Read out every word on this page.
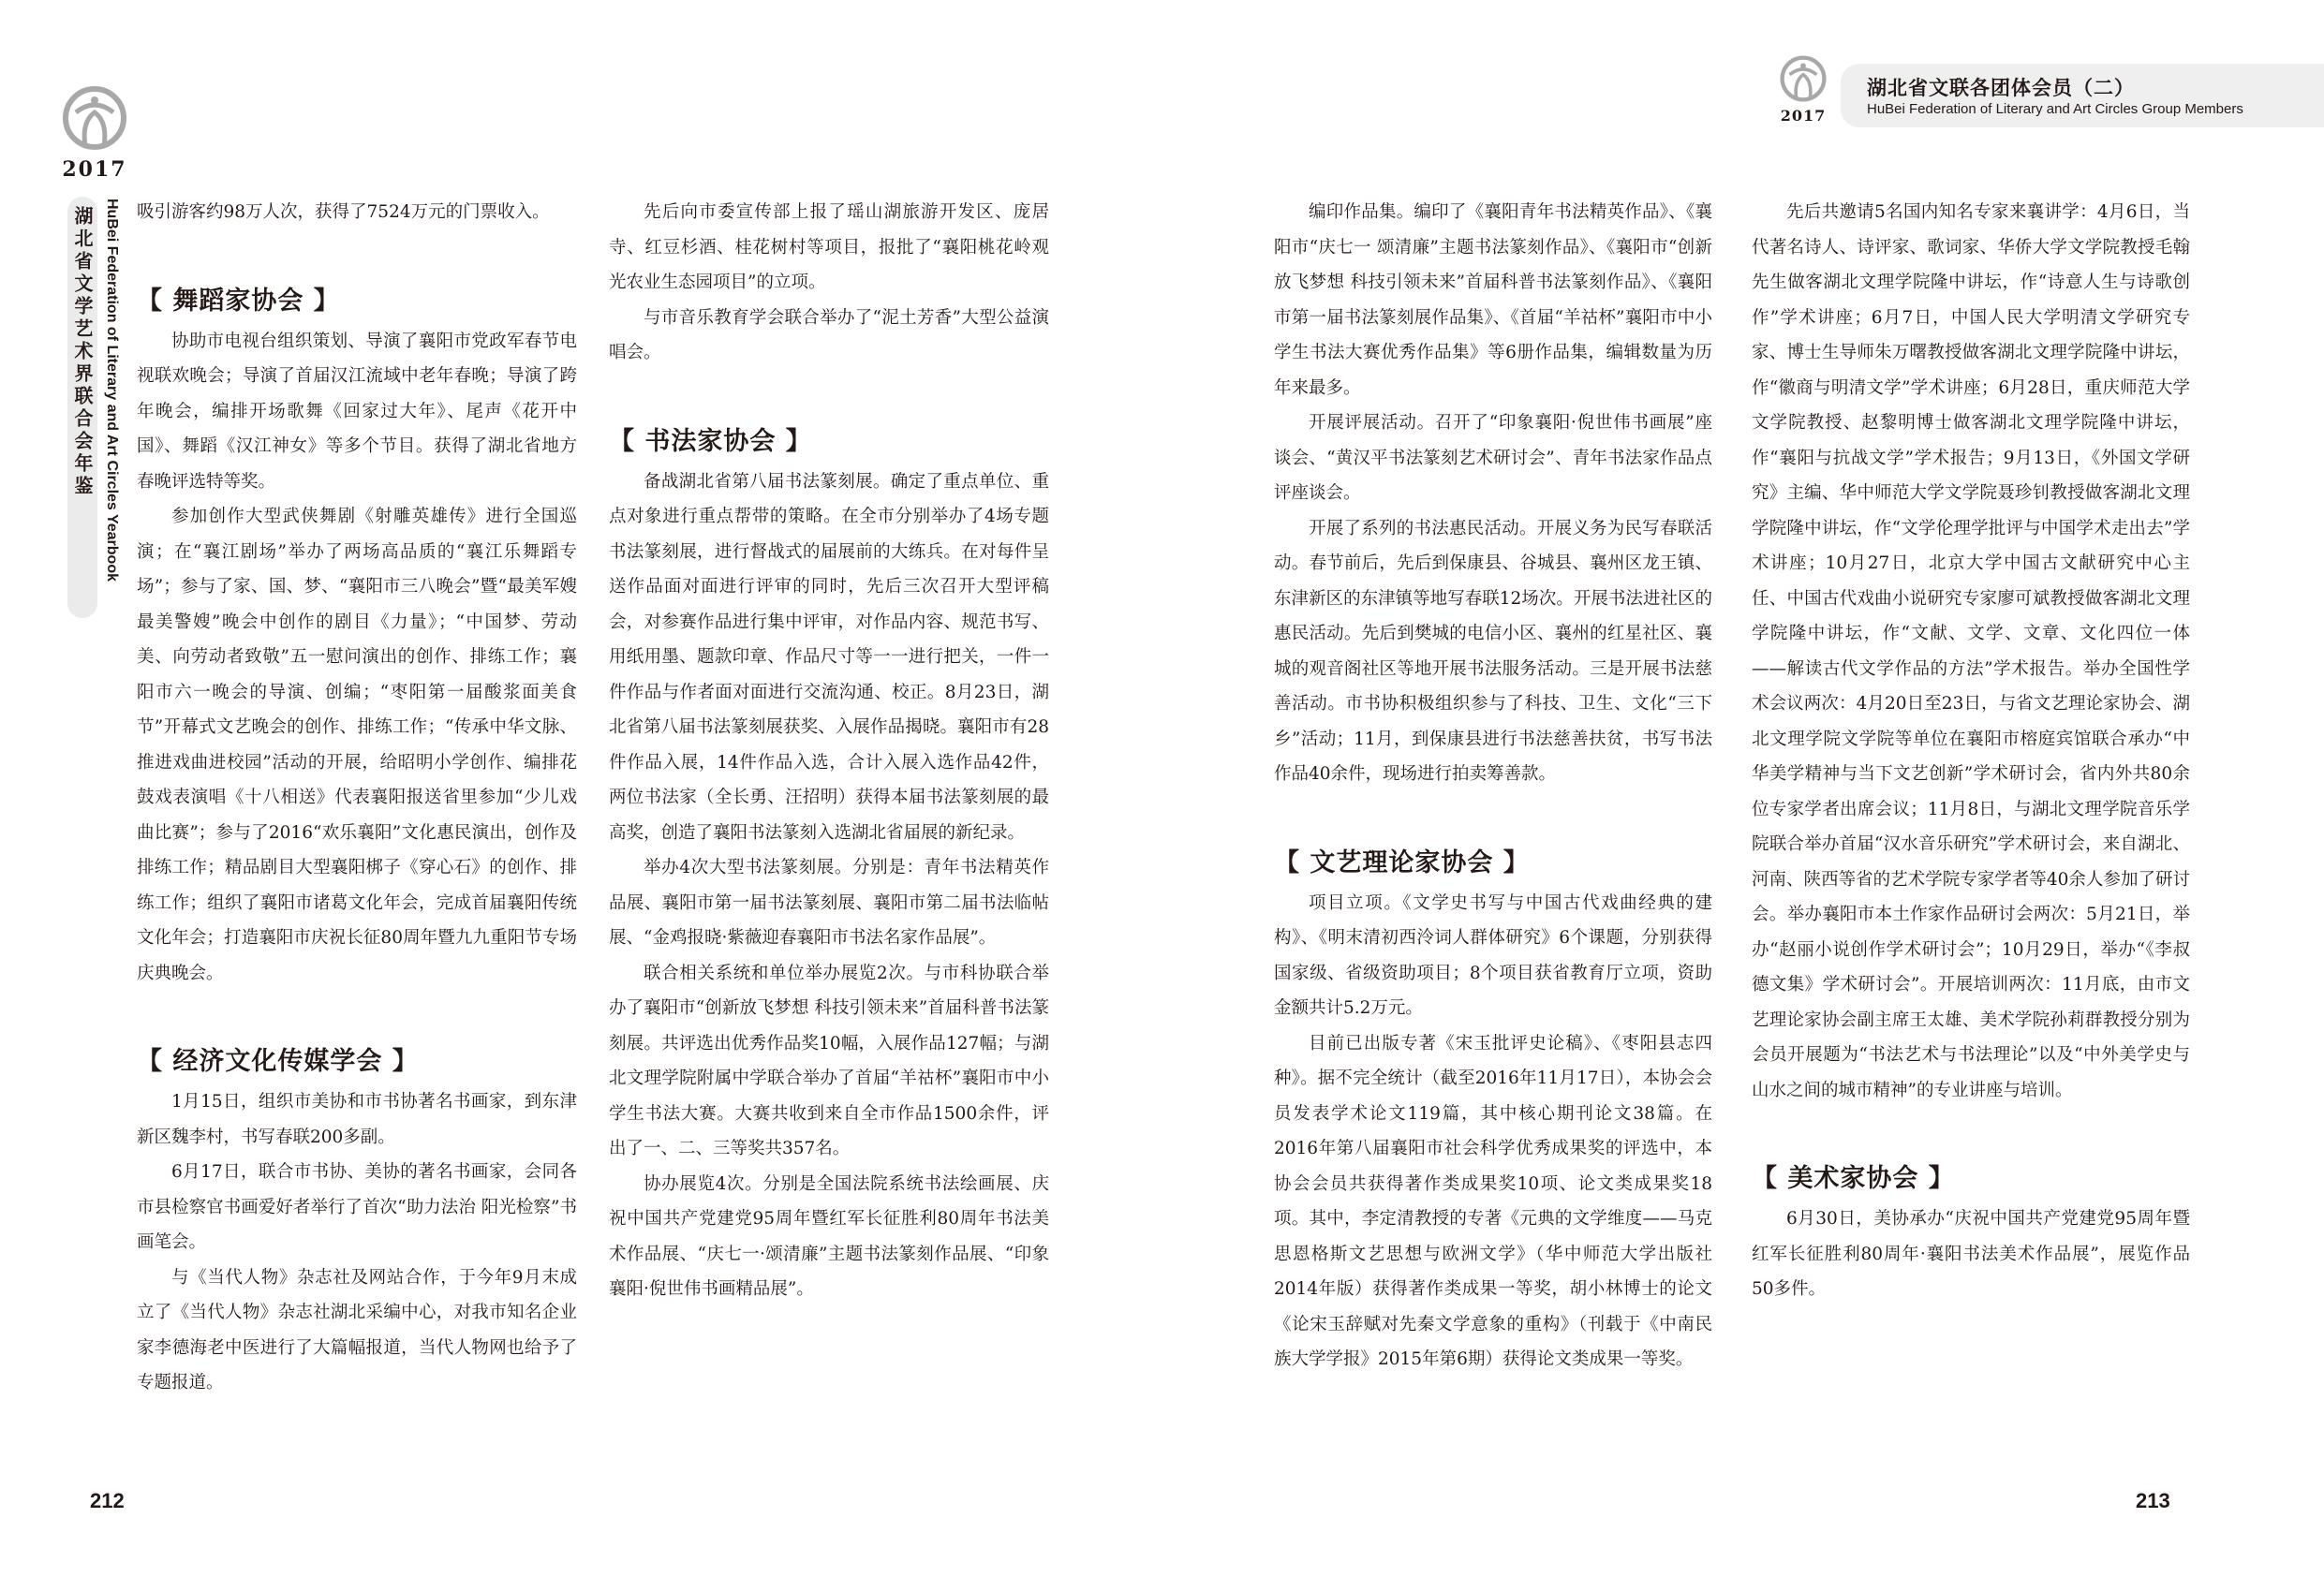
2017
湖北省文学艺术界联合会年鉴 HuBei Federation of Literary and Art Circles Yearbook 吸引游客约98万人次，获得了7524万元的门票收入。

【 舞蹈家协会 】

协助市电视台组织策划、导演了襄阳市党政军春节电视联欢晚会；导演了首届汉江流域中老年春晚；导演了跨年晚会，编排开场歌舞《回家过大年》、尾声《花开中国》、舞蹈《汉江神女》等多个节目。获得了湖北省地方春晚评选特等奖。

参加创作大型武侠舞剧《射雕英雄传》进行全国巡演；在“襄江剧场”举办了两场高品质的“襄江乐舞蹈专场”；参与了家、国、梦、“襄阳市三八晚会”暨“最美军嫂最美警嫂”晚会中创作的剧目《力量》；“中国梦、劳动美、向劳动者致敬”五一慰问演出的创作、排练工作；襄阳市六一晚会的导演、创编；“枣阳第一届酸浆面美食节”开幕式文艺晚会的创作、排练工作；“传承中华文脉、推进戏曲进校园”活动的开展，给昭明小学创作、编排花鼓戏表演唱《十八相送》代表襄阳报送省里参加“少儿戏曲比赛”；参与了2016“欢乐襄阳”文化惠民演出，创作及排练工作；精品剧目大型襄阳梆子《穿心石》的创作、排练工作；组织了襄阳市诸葛文化年会，完成首届襄阳传统文化年会；打造襄阳市庆祝长征80周年暨九九重阳节专场庆典晚会。

【 经济文化传媒学会 】

1月15日，组织市美协和市书协著名书画家，到东津新区魏李村，书写春联200多副。

6月17日，联合市书协、美协的著名书画家，会同各市县检察官书画爱好者举行了首次“助力法治 阳光检察”书画笔会。

与《当代人物》杂志社及网站合作，于今年9月末成立了《当代人物》杂志社湖北采编中心，对我市知名企业家李德海老中医进行了大篇幅报道，当代人物网也给予了专题报道。

先后向市委宣传部上报了瑶山湖旅游开发区、庞居寺、红豆杉酒、桂花树村等项目，报批了“襄阳桃花岭观光农业生态园项目”的立项。

与市音乐教育学会联合举办了“泥土芳香”大型公益演唱会。

【 书法家协会 】

备战湖北省第八届书法篆刻展。确定了重点单位、重点对象进行重点帮带的策略。在全市分别举办了4场专题书法篆刻展，进行督战式的届展前的大练兵。在对每件呈送作品面对面进行评审的同时，先后三次召开大型评稿会，对参赛作品进行集中评审，对作品内容、规范书写、用纸用墨、题款印章、作品尺寸等一一进行把关，一件一件作品与作者面对面进行交流沟通、校正。8月23日，湖北省第八届书法篆刻展获奖、入展作品揭晓。襄阳市有28件作品入展，14件作品入选，合计入展入选作品42件，两位书法家（全长勇、汪招明）获得本届书法篆刻展的最高奖，创造了襄阳书法篆刻入选湖北省届展的新纪录。

举办4次大型书法篆刻展。分别是：青年书法精英作品展、襄阳市第一届书法篆刻展、襄阳市第二届书法临帖展、“金鸡报晓·紫薇迎春襄阳市书法名家作品展”。

联合相关系统和单位举办展览2次。与市科协联合举办了襄阳市“创新放飞梦想 科技引领未来”首届科普书法篆刻展。共评选出优秀作品奖10幅，入展作品127幅；与湖北文理学院附属中学联合举办了首届“羊祜杯”襄阳市中小学生书法大赛。大赛共收到来自全市作品1500余件，评出了一、二、三等奖共357名。

协办展览4次。分别是全国法院系统书法绘画展、庆祝中国共产党建党95周年暨红军长征胜利80周年书法美术作品展、“庆七一·颂清廉”主题书法篆刻作品展、“印象襄阳·倪世伟书画精品展”。

212
2017
湖北省文联各团体会员（二）
HuBei Federation of Literary and Art Circles Group Members

编印作品集。编印了《襄阳青年书法精英作品》、《襄阳市“庆七一 颂清廉”主题书法篆刻作品》、《襄阳市“创新放飞梦想 科技引领未来”首届科普书法篆刻作品》、《襄阳市第一届书法篆刻展作品集》、《首届“羊祜杯”襄阳市中小学生书法大赛优秀作品集》等6册作品集，编辑数量为历年来最多。

开展评展活动。召开了“印象襄阳·倪世伟书画展”座谈会、“黄汉平书法篆刻艺术研讨会”、青年书法家作品点评座谈会。

开展了系列的书法惠民活动。开展义务为民写春联活动。春节前后，先后到保康县、谷城县、襄州区龙王镇、东津新区的东津镇等地写春联12场次。开展书法进社区的惠民活动。先后到樊城的电信小区、襄州的红星社区、襄城的观音阁社区等地开展书法服务活动。三是开展书法慈善活动。市书协积极组织参与了科技、卫生、文化“三下乡”活动；11月，到保康县进行书法慈善扶贫，书写书法作品40余件，现场进行拍卖筹善款。

【 文艺理论家协会 】

项目立项。《文学史书写与中国古代戏曲经典的建构》、《明末清初西泠词人群体研究》6个课题，分别获得国家级、省级资助项目；8个项目获省教育厅立项，资助金额共计5.2万元。

目前已出版专著《宋玉批评史论稿》、《枣阳县志四种》。据不完全统计（截至2016年11月17日），本协会会员发表学术论文119篇，其中核心期刊论文38篇。在2016年第八届襄阳市社会科学优秀成果奖的评选中，本协会会员共获得著作类成果奖10项、论文类成果奖18项。其中，李定清教授的专著《元典的文学维度——马克思恩格斯文艺思想与欧洲文学》（华中师范大学出版社2014年版）获得著作类成果一等奖，胡小林博士的论文《论宋玉辞赋对先秦文学意象的重构》（刊载于《中南民族大学学报》2015年第6期）获得论文类成果一等奖。

先后共邀请5名国内知名专家来襄讲学：4月6日，当代著名诗人、诗评家、歌词家、华侨大学文学院教授毛翰先生做客湖北文理学院隆中讲坛，作“诗意人生与诗歌创作”学术讲座；6月7日，中国人民大学明清文学研究专家、博士生导师朱万曙教授做客湖北文理学院隆中讲坛，作“徽商与明清文学”学术讲座；6月28日，重庆师范大学文学院教授、赵黎明博士做客湖北文理学院隆中讲坛，作“襄阳与抗战文学”学术报告；9月13日，《外国文学研究》主编、华中师范大学文学院聂珍钊教授做客湖北文理学院隆中讲坛，作“文学伦理学批评与中国学术走出去”学术讲座；10月27日，北京大学中国古文献研究中心主任、中国古代戏曲小说研究专家廖可斌教授做客湖北文理学院隆中讲坛，作“文献、文学、文章、文化四位一体——解读古代文学作品的方法”学术报告。举办全国性学术会议两次：4月20日至23日，与省文艺理论家协会、湖北文理学院文学院等单位在襄阳市榕庭宾馆联合承办“中华美学精神与当下文艺创新”学术研讨会，省内外共80余位专家学者出席会议；11月8日，与湖北文理学院音乐学院联合举办首届“汉水音乐研究”学术研讨会，来自湖北、河南、陕西等省的艺术学院专家学者等40余人参加了研讨会。举办襄阳市本土作家作品研讨会两次：5月21日，举办“赵丽小说创作学术研讨会”；10月29日，举办“《李叔德文集》学术研讨会”。开展培训两次：11月底，由市文艺理论家协会副主席王太雄、美术学院孙莉群教授分别为会员开展题为“书法艺术与书法理论”以及“中外美学史与山水之间的城市精神”的专业讲座与培训。

【 美术家协会 】

6月30日，美协承办“庆祝中国共产党建党95周年暨红军长征胜利80周年·襄阳书法美术作品展”，展览作品50多件。

213
